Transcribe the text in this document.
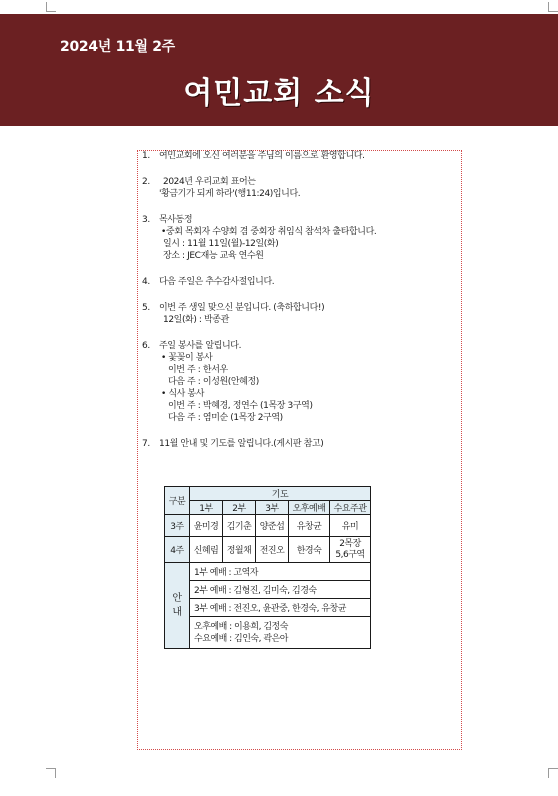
2024년 11월 2주
여민교회 소식
1. 여민교회에 오신 여러분을 주님의 이름으로 환영합니다.
2.	2024년 우리교회 표어는
'황금기가 되게 하라'(행11:24)입니다.
3. 목사동정
•중회 목회자 수양회 겸 중회장 취임식 참석차 출타합니다.
일시 : 11월 11일(월)-12일(화)
장소 : JEC재능 교육 연수원
4. 다음 주일은 추수감사절입니다.
5. 이번 주 생일 맞으신 분입니다. (축하합니다!)
12일(화) : 박종관
6. 주일 봉사를 알립니다.
• 꽃꽂이 봉사
이번 주 : 한서우
다음 주 : 이성원(안혜정)
• 식사 봉사
이번 주 : 박혜경, 정연수 (1목장 3구역)
다음 주 : 염미순 (1목장 2구역)
7. 11월 안내 및 기도를 알립니다.(게시판 참고)
구분	기도				
	1부	2부	3부	오후예배	수요주관
3주	윤미경	김기춘	양준섭	유창균	유미
4주	신혜림	정월채	전진오	한경숙	2목장
5,6구역
안
내	1부 예배 : 고역자				
	2부 예배 : 김형진, 김미숙, 김경숙				
	3부 예배 : 전진오, 윤관중, 한경숙, 유창균				
	오후예배 : 이용희, 김정숙
수요예배 : 김인숙, 곽은아				
